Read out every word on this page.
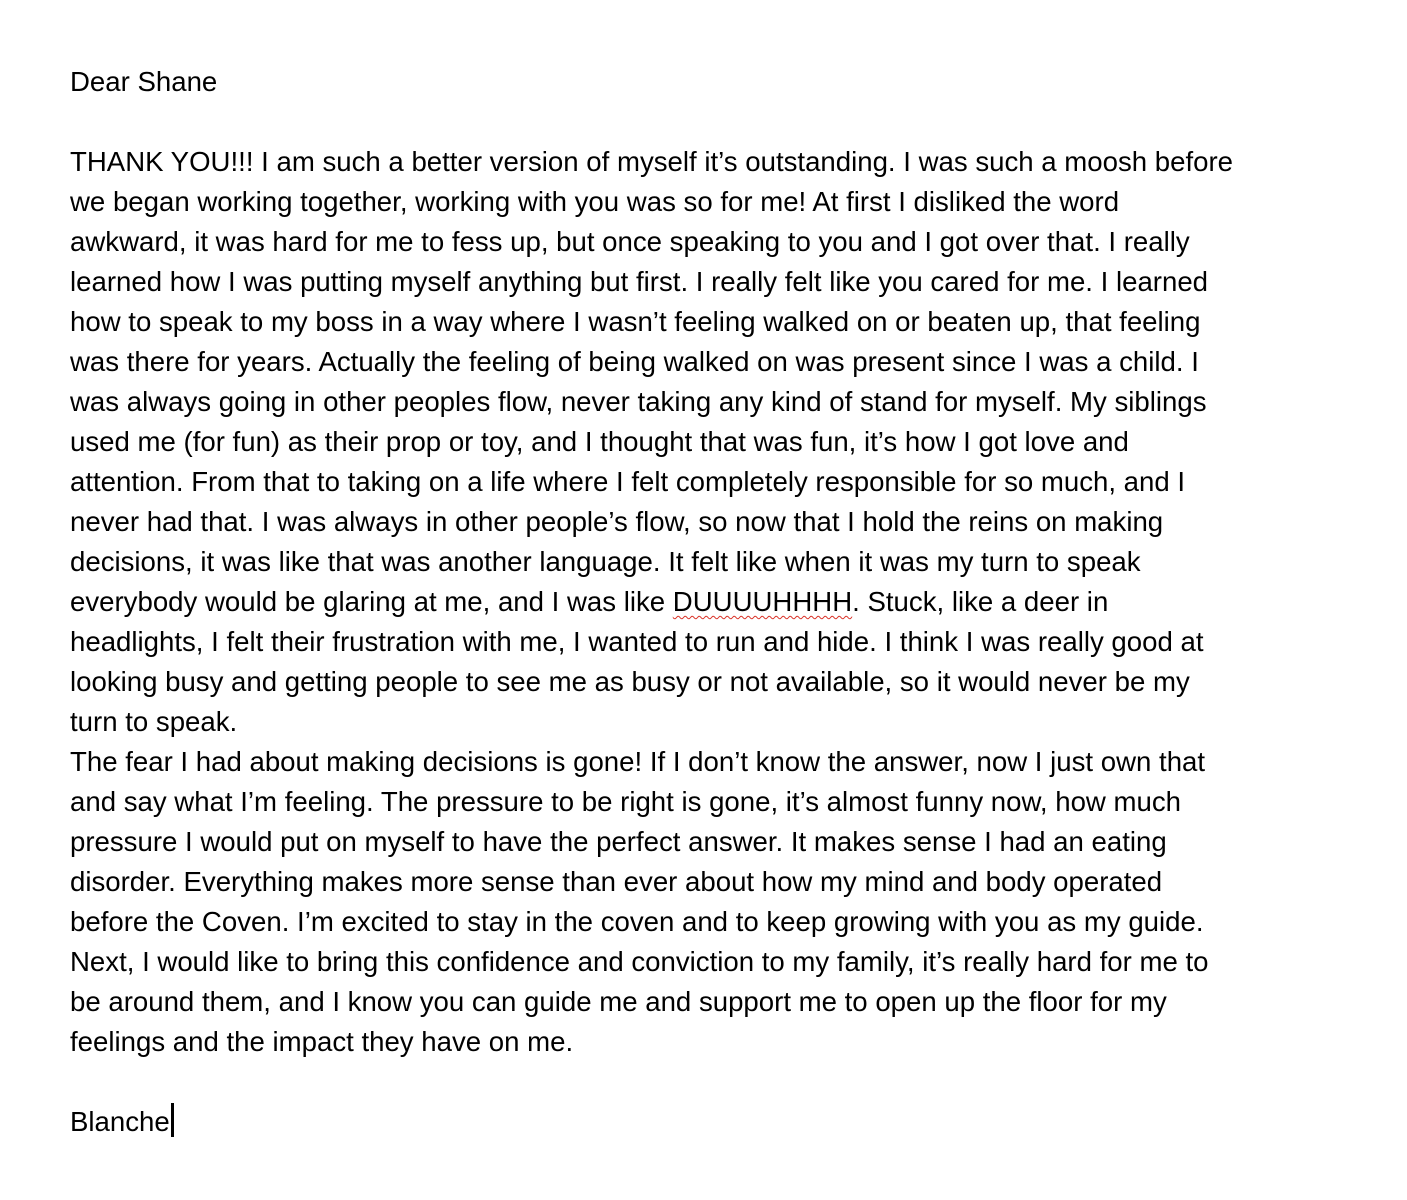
Dear Shane
THANK YOU!!! I am such a better version of myself it’s outstanding. I was such a moosh before
we began working together, working with you was so for me! At first I disliked the word
awkward, it was hard for me to fess up, but once speaking to you and I got over that. I really
learned how I was putting myself anything but first. I really felt like you cared for me. I learned
how to speak to my boss in a way where I wasn’t feeling walked on or beaten up, that feeling
was there for years. Actually the feeling of being walked on was present since I was a child. I
was always going in other peoples flow, never taking any kind of stand for myself. My siblings
used me (for fun) as their prop or toy, and I thought that was fun, it’s how I got love and
attention. From that to taking on a life where I felt completely responsible for so much, and I
never had that. I was always in other people’s flow, so now that I hold the reins on making
decisions, it was like that was another language. It felt like when it was my turn to speak
everybody would be glaring at me, and I was like DUUUUHHHH. Stuck, like a deer in
headlights, I felt their frustration with me, I wanted to run and hide. I think I was really good at
looking busy and getting people to see me as busy or not available, so it would never be my
turn to speak.
The fear I had about making decisions is gone! If I don’t know the answer, now I just own that
and say what I’m feeling. The pressure to be right is gone, it’s almost funny now, how much
pressure I would put on myself to have the perfect answer. It makes sense I had an eating
disorder. Everything makes more sense than ever about how my mind and body operated
before the Coven. I’m excited to stay in the coven and to keep growing with you as my guide.
Next, I would like to bring this confidence and conviction to my family, it’s really hard for me to
be around them, and I know you can guide me and support me to open up the floor for my
feelings and the impact they have on me.
Blanche
